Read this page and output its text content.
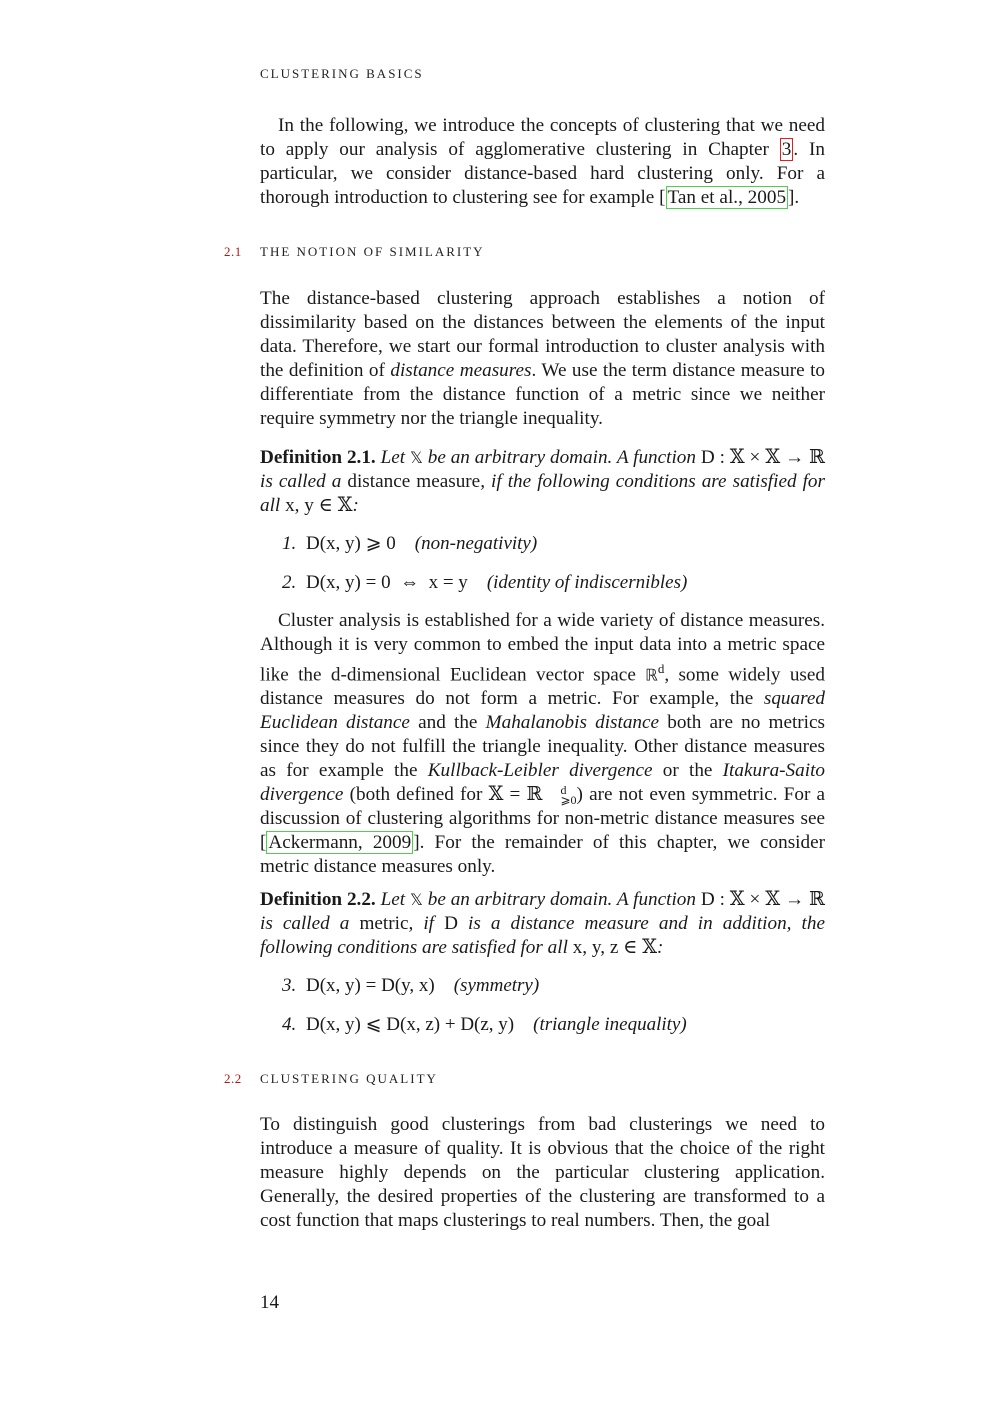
CLUSTERING BASICS

In the following, we introduce the concepts of clustering that we need to apply our analysis of agglomerative clustering in Chapter 3 . In particular, we consider distance-based hard clustering only. For a thorough introduction to clustering see for example [ Tan et al., 2005 ].

2.1 THE NOTION OF SIMILARITY

The distance-based clustering approach establishes a notion of dissimilarity based on the distances between the elements of the input data. Therefore, we start our formal introduction to cluster analysis with the definition of distance measures. We use the term distance measure to differentiate from the distance function of a metric since we neither require symmetry nor the triangle inequality.

Definition 2.1. Let 𝕏 be an arbitrary domain. A function D : 𝕏 × 𝕏 → ℝ is called a distance measure, if the following conditions are satisfied for all x, y ∈ 𝕏:

1. D(x, y) ⩾ 0 (non-negativity)
2. D(x, y) = 0  ⇔  x = y (identity of indiscernibles)

Cluster analysis is established for a wide variety of distance measures. Although it is very common to embed the input data into a metric space like the d-dimensional Euclidean vector space ℝ$^d$, some widely used distance measures do not form a metric. For example, the squared Euclidean distance and the Mahalanobis distance both are no metrics since they do not fulfill the triangle inequality. Other distance measures as for example the Kullback-Leibler divergence or the Itakura-Saito divergence (both defined for 𝕏 = ℝ	d
⩾0 ) are not even symmetric. For a discussion of clustering algorithms for non-metric distance measures see [ Ackermann, 2009 ]. For the remainder of this chapter, we consider metric distance measures only.

Definition 2.2. Let 𝕏 be an arbitrary domain. A function D : 𝕏 × 𝕏 → ℝ is called a metric, if D is a distance measure and in addition, the following conditions are satisfied for all x, y, z ∈ 𝕏:

3. D(x, y) = D(y, x) (symmetry)
4. D(x, y) ⩽ D(x, z) + D(z, y) (triangle inequality)
2.2 CLUSTERING QUALITY

To distinguish good clusterings from bad clusterings we need to introduce a measure of quality. It is obvious that the choice of the right measure highly depends on the particular clustering application. Generally, the desired properties of the clustering are transformed to a cost function that maps clusterings to real numbers. Then, the goal

14
